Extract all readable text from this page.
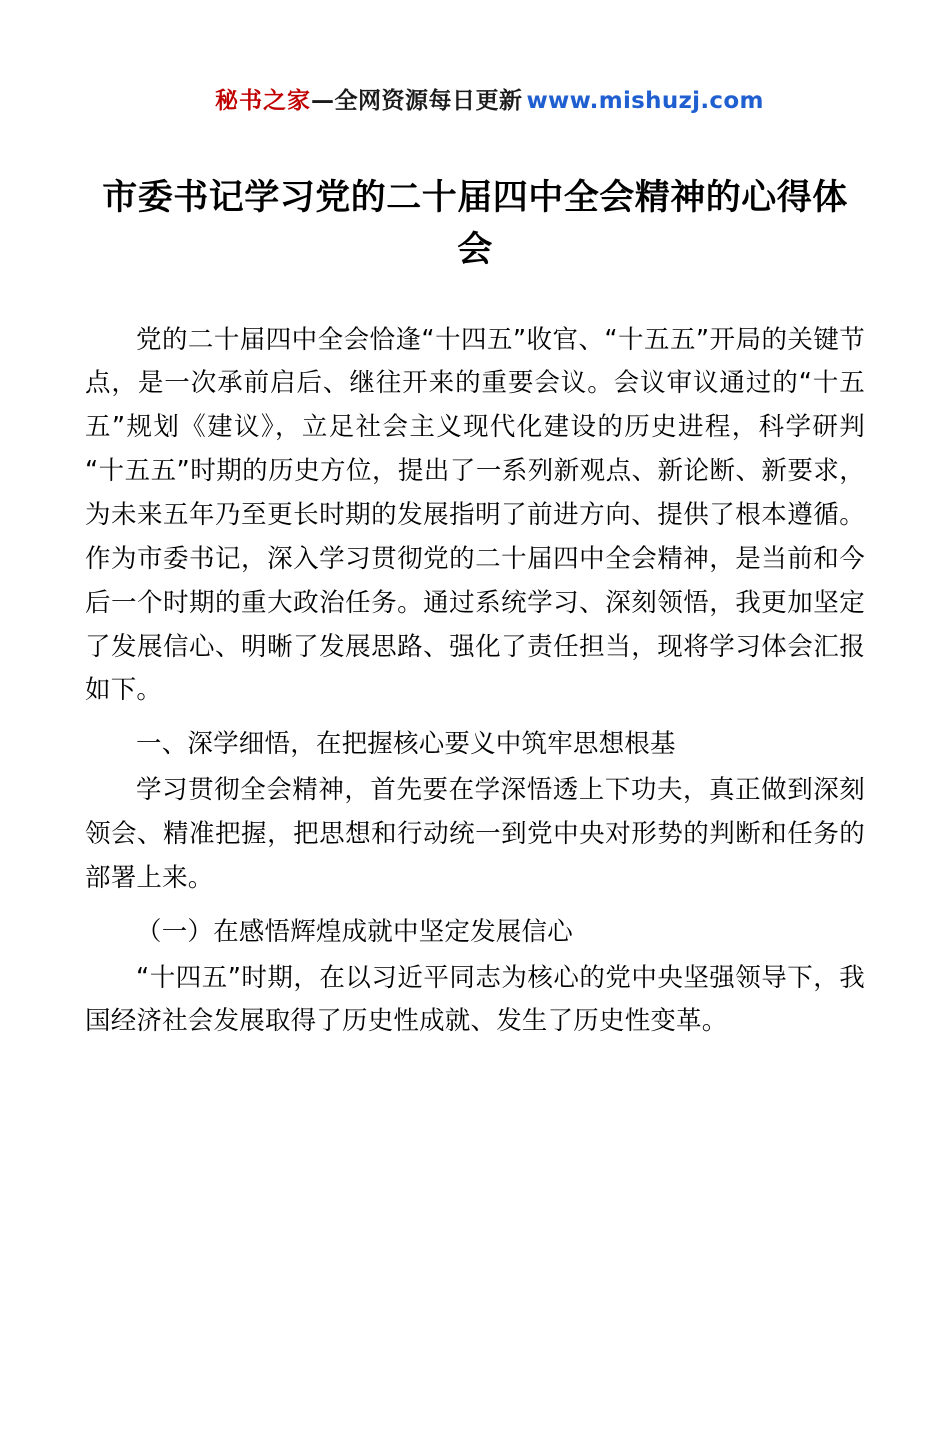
秘书之家—全网资源每日更新 www.mishuzj.com
市委书记学习党的二十届四中全会精神的心得体会

党的二十届四中全会恰逢“十四五”收官、“十五五”开局的关键节点，是一次承前启后、继往开来的重要会议。会议审议通过的“十五五”规划《建议》，立足社会主义现代化建设的历史进程，科学研判“十五五”时期的历史方位，提出了一系列新观点、新论断、新要求，为未来五年乃至更长时期的发展指明了前进方向、提供了根本遵循。作为市委书记，深入学习贯彻党的二十届四中全会精神，是当前和今后一个时期的重大政治任务。通过系统学习、深刻领悟，我更加坚定了发展信心、明晰了发展思路、强化了责任担当，现将学习体会汇报如下。

一、深学细悟，在把握核心要义中筑牢思想根基

学习贯彻全会精神，首先要在学深悟透上下功夫，真正做到深刻领会、精准把握，把思想和行动统一到党中央对形势的判断和任务的部署上来。

（一）在感悟辉煌成就中坚定发展信心

“十四五”时期，在以习近平同志为核心的党中央坚强领导下，我国经济社会发展取得了历史性成就、发生了历史性变革。
